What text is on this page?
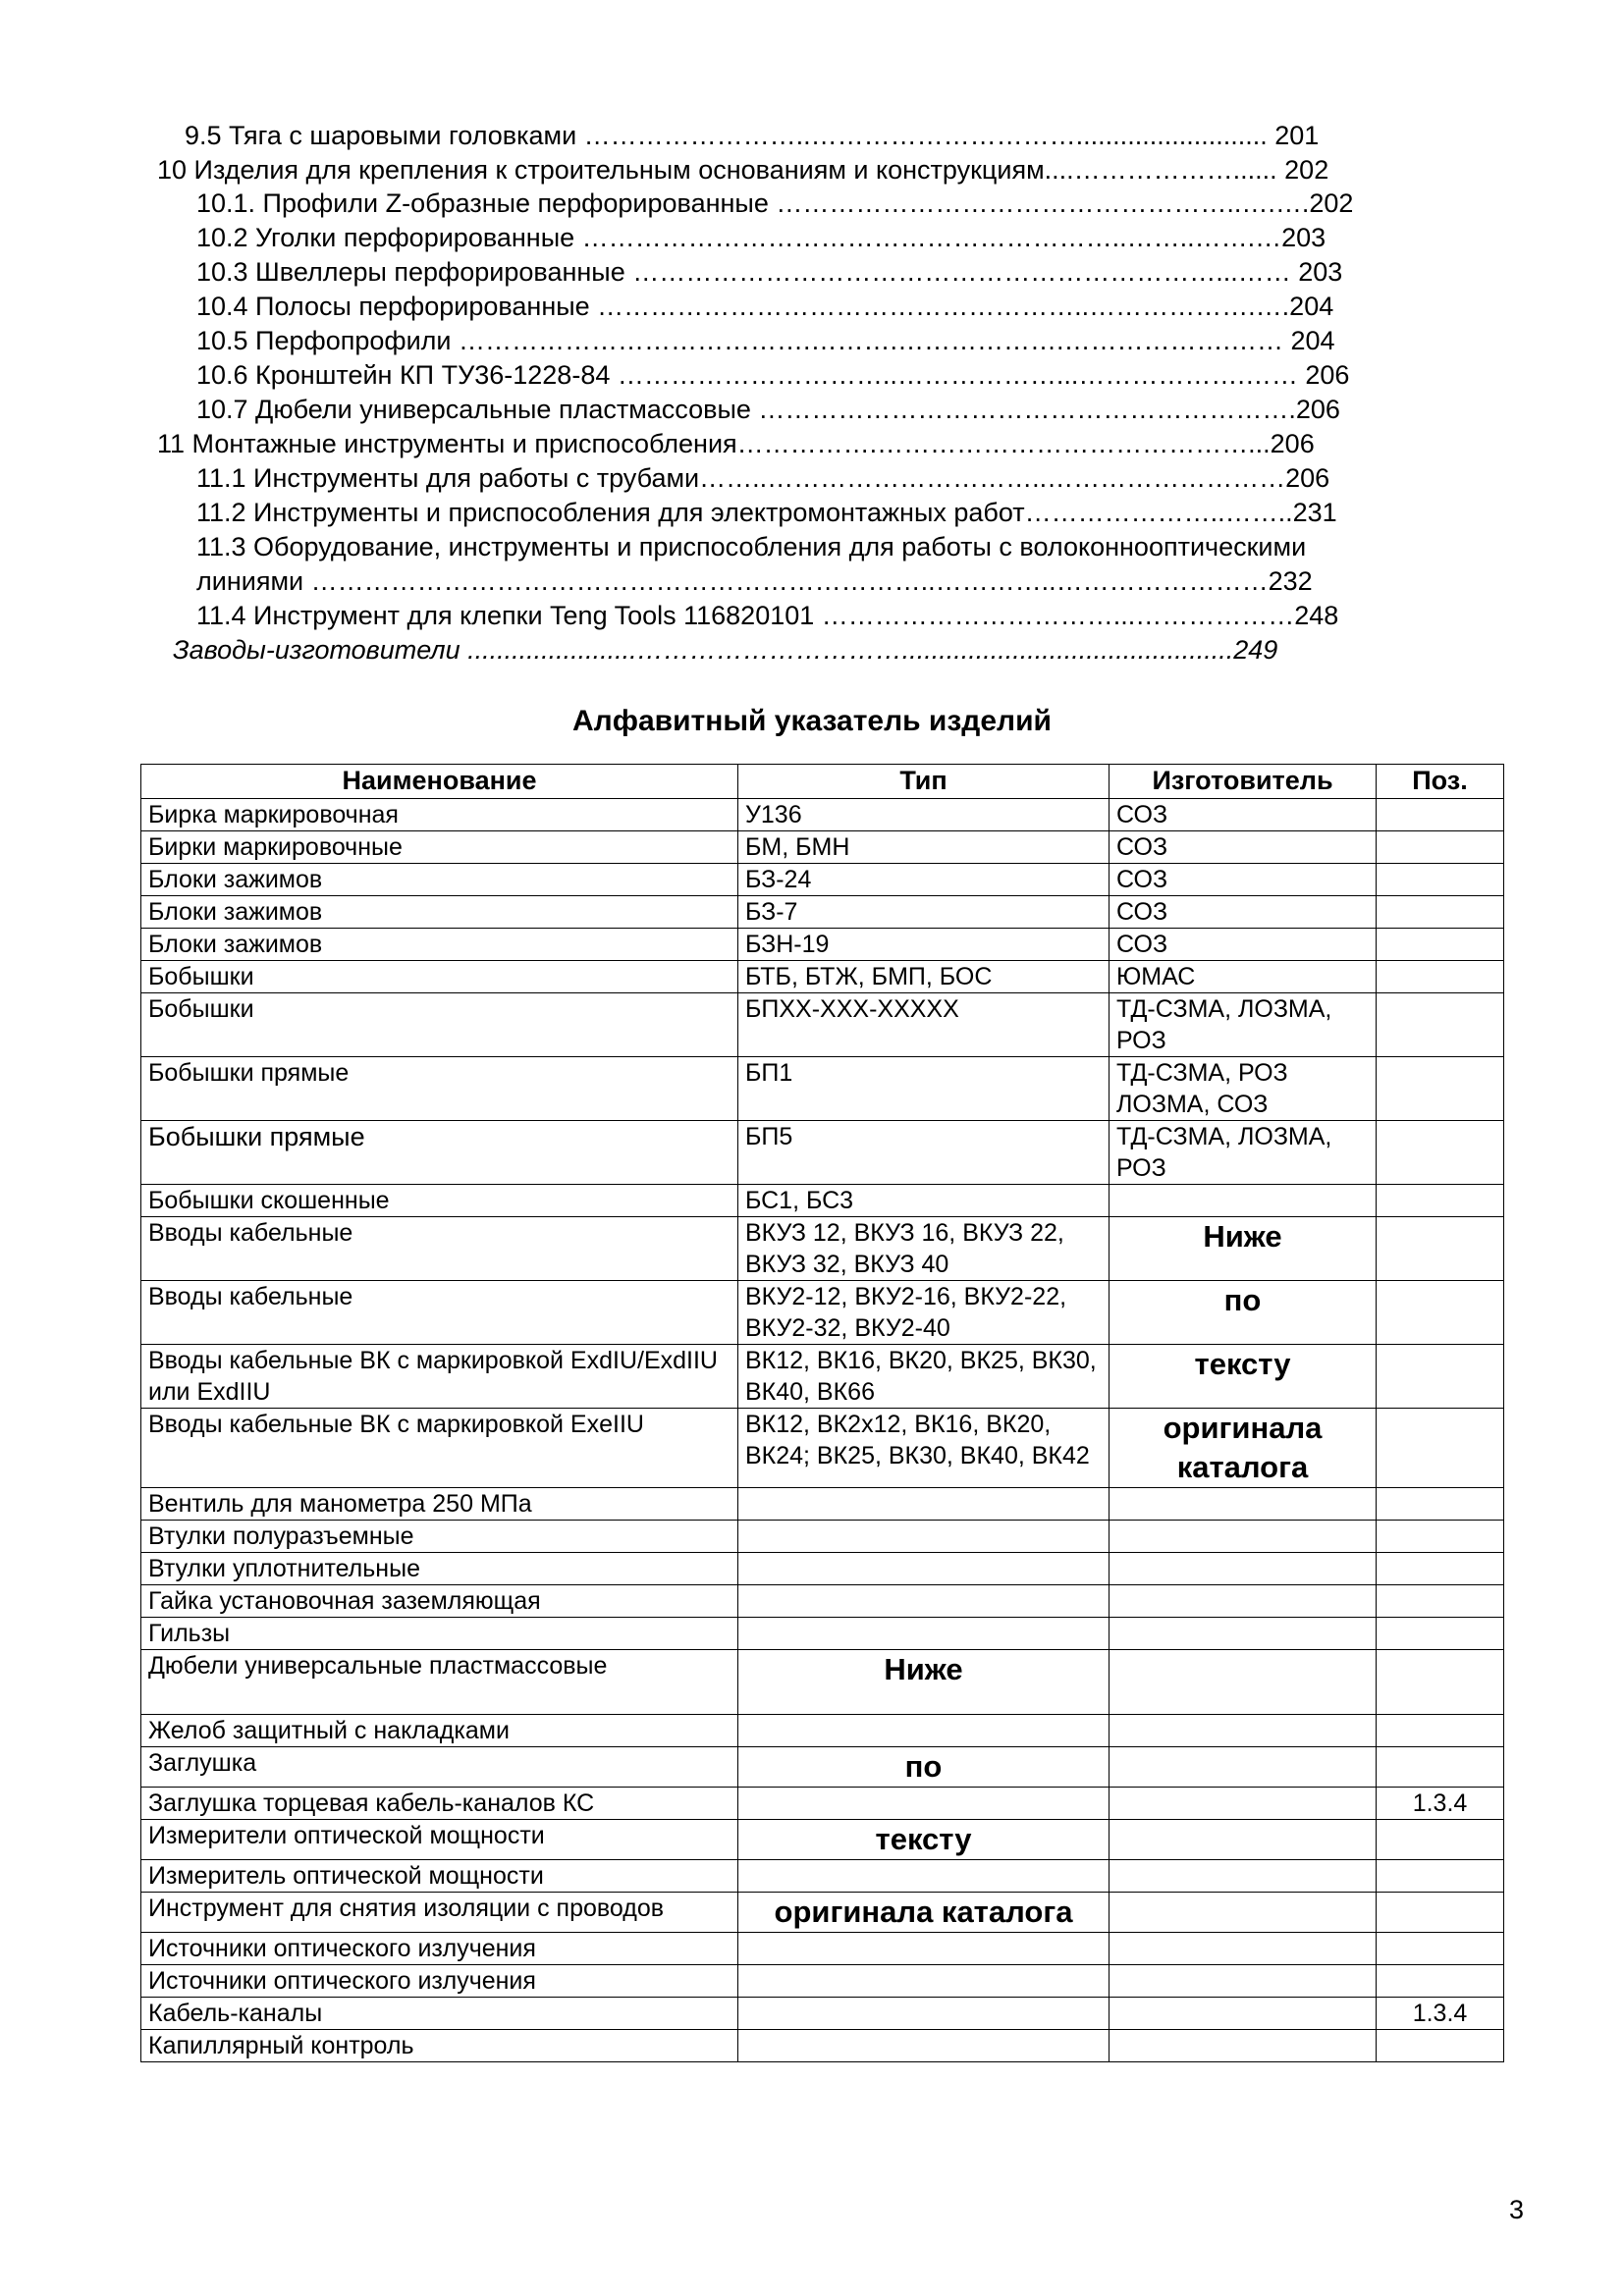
9.5 Тяга с шаровыми головками ……………………..………………………….......................... 201
10 Изделия для крепления к строительным основаниям и конструкциям....………………...... 202
10.1. Профили Z-образные перфорированные ……………………………………………..….….202
10.2 Уголки перфорированные ……………………………………………………..……..…….…203
10.3 Швеллеры перфорированные …………………………………………………………...…… 203
10.4 Полосы перфорированные ………………………………………………..……………….….204
10.5 Перфопрофили ………………………………….……….……………….……………….…… 204
10.6 Кронштейн КП ТУ36-1228-84 …………………………..………………...……………….…… 206
10.7 Дюбели универсальные пластмассовые …………………………………………………….206
11 Монтажные инструменты и приспособления…………….……………………………………...206
11.1 Инструменты для работы с трубами……..…………………………..………………………206
11.2 Инструменты и приспособления для электромонтажных работ…………………..……..231
11.3 Оборудование, инструменты и приспособления для работы с волоконнооптическими
линиями ……………………………………………………………..…………..……………………232
11.4 Инструмент для клепки Teng Tools 116820101 ……………………………...………………248
Заводы-изготовители .......................………………………….............................................249
Алфавитный указатель изделий
Наименование	Тип	Изготовитель	Поз.
Бирка маркировочная	У136	СОЗ	
Бирки маркировочные	БМ, БМН	СОЗ	
Блоки зажимов	БЗ-24	СОЗ	
Блоки зажимов	БЗ-7	СОЗ	
Блоки зажимов	БЗН-19	СОЗ	
Бобышки	БТБ, БТЖ, БМП, БОС	ЮМАС	
Бобышки	БПХХ-ХХХ-ХХХХХ	ТД-СЗМА, ЛОЗМА, РОЗ	
Бобышки прямые	БП1	ТД-СЗМА, РОЗ ЛОЗМА, СОЗ	
Бобышки прямые	БП5	ТД-СЗМА, ЛОЗМА, РОЗ	
Бобышки скошенные	БС1, БС3		
Вводы кабельные	ВКУЗ 12, ВКУЗ 16, ВКУЗ 22, ВКУЗ 32, ВКУЗ 40	Ниже	
Вводы кабельные	ВКУ2-12, ВКУ2-16, ВКУ2-22, ВКУ2-32, ВКУ2-40	по	
Вводы кабельные ВК с маркировкой ExdIU/ExdIIU или ExdIIU	ВК12, ВК16, ВК20, ВК25, ВК30, ВК40, ВК66	тексту	
Вводы кабельные ВК с маркировкой ExeIIU	ВК12, ВК2х12, ВК16, ВК20, ВК24; ВК25, ВК30, ВК40, ВК42	оригинала каталога	
Вентиль для манометра 250 МПа			
Втулки полуразъемные			
Втулки уплотнительные			
Гайка установочная заземляющая			
Гильзы			
Дюбели универсальные пластмассовые	Ниже		
Желоб защитный с накладками			
Заглушка	по		
Заглушка торцевая кабель-каналов КС			1.3.4
Измерители оптической мощности	тексту		
Измеритель оптической мощности			
Инструмент для снятия изоляции с проводов	оригинала каталога		
Источники оптического излучения			
Источники оптического излучения			
Кабель-каналы			1.3.4
Капиллярный контроль			
3
